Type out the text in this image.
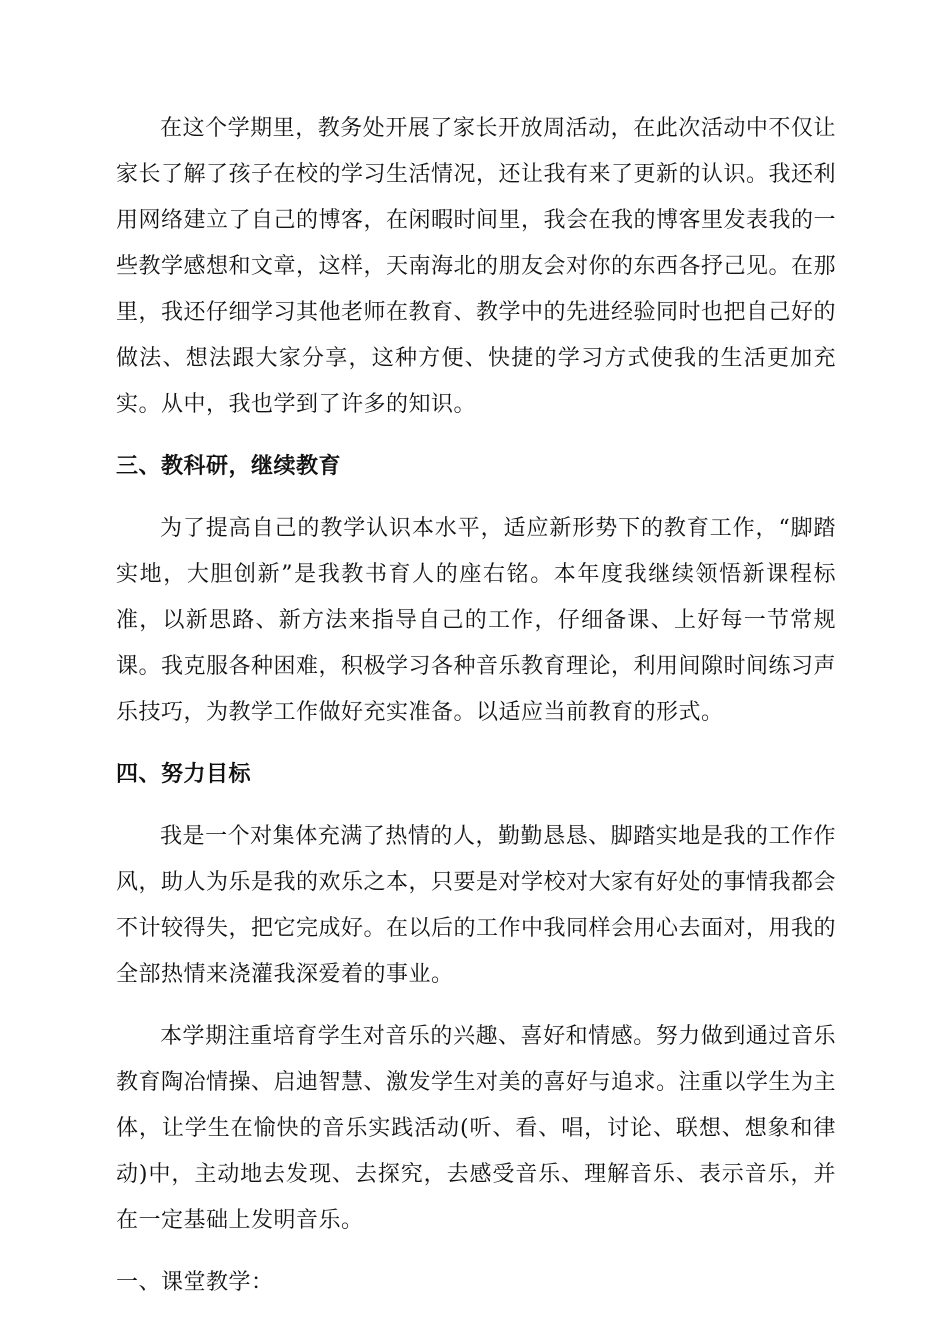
在这个学期里，教务处开展了家长开放周活动，在此次活动中不仅让家长了解了孩子在校的学习生活情况，还让我有来了更新的认识。我还利用网络建立了自己的博客，在闲暇时间里，我会在我的博客里发表我的一些教学感想和文章，这样，天南海北的朋友会对你的东西各抒己见。在那里，我还仔细学习其他老师在教育、教学中的先进经验同时也把自己好的做法、想法跟大家分享，这种方便、快捷的学习方式使我的生活更加充实。从中，我也学到了许多的知识。

三、教科研，继续教育

为了提高自己的教学认识本水平，适应新形势下的教育工作，“脚踏实地，大胆创新”是我教书育人的座右铭。本年度我继续领悟新课程标准，以新思路、新方法来指导自己的工作，仔细备课、上好每一节常规课。我克服各种困难，积极学习各种音乐教育理论，利用间隙时间练习声乐技巧，为教学工作做好充实准备。以适应当前教育的形式。

四、努力目标

我是一个对集体充满了热情的人，勤勤恳恳、脚踏实地是我的工作作风，助人为乐是我的欢乐之本，只要是对学校对大家有好处的事情我都会不计较得失，把它完成好。在以后的工作中我同样会用心去面对，用我的全部热情来浇灌我深爱着的事业。

本学期注重培育学生对音乐的兴趣、喜好和情感。努力做到通过音乐教育陶冶情操、启迪智慧、激发学生对美的喜好与追求。注重以学生为主体，让学生在愉快的音乐实践活动(听、看、唱，讨论、联想、想象和律动)中，主动地去发现、去探究，去感受音乐、理解音乐、表示音乐，并在一定基础上发明音乐。

一、课堂教学：
